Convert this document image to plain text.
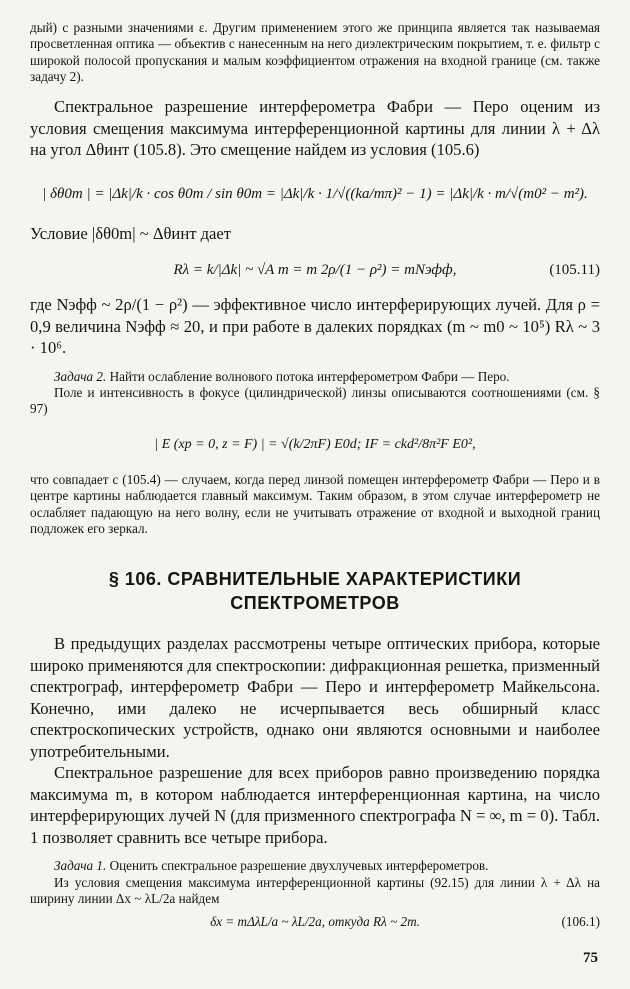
дый) с разными значениями ε. Другим применением этого же принципа является так называемая просветленная оптика — объектив с нанесенным на него диэлектрическим покрытием, т. е. фильтр с широкой полосой пропускания и малым коэффициентом отражения на входной границе (см. также задачу 2).

Спектральное разрешение интерферометра Фабри — Перо оценим из условия смещения максимума интерференционной картины для линии λ + Δλ на угол Δθинт (105.8). Это смещение найдем из условия (105.6)

| δθ0m | = |Δk|/k · cos θ0m / sin θ0m = |Δk|/k · 1/√((ka/mπ)² − 1) = |Δk|/k · m/√(m0² − m²).

Условие |δθ0m| ~ Δθинт дает

Rλ = k/|Δk| ~ √A m = m 2ρ/(1 − ρ²) = mNэфф,	(105.11)

где Nэфф ~ 2ρ/(1 − ρ²) — эффективное число интерферирующих лучей. Для ρ = 0,9 величина Nэфф ≈ 20, и при работе в далеких порядках (m ~ m0 ~ 10⁵) Rλ ~ 3 · 10⁶.

Задача 2. Найти ослабление волнового потока интерферометром Фабри — Перо.

Поле и интенсивность в фокусе (цилиндрической) линзы описываются соотношениями (см. § 97)

| E (xp = 0, z = F) | = √(k/2πF) E0d; IF = ckd²/8π²F E0²,

что совпадает с (105.4) — случаем, когда перед линзой помещен интерферометр Фабри — Перо и в центре картины наблюдается главный максимум. Таким образом, в этом случае интерферометр не ослабляет падающую на него волну, если не учитывать отражение от входной и выходной границ подложек его зеркал.

§ 106. СРАВНИТЕЛЬНЫЕ ХАРАКТЕРИСТИКИ
СПЕКТРОМЕТРОВ

В предыдущих разделах рассмотрены четыре оптических прибора, которые широко применяются для спектроскопии: дифракционная решетка, призменный спектрограф, интерферометр Фабри — Перо и интерферометр Майкельсона. Конечно, ими далеко не исчерпывается весь обширный класс спектроскопических устройств, однако они являются основными и наиболее употребительными.

Спектральное разрешение для всех приборов равно произведению порядка максимума m, в котором наблюдается интерференционная картина, на число интерферирующих лучей N (для призменного спектрографа N = ∞, m = 0). Табл. 1 позволяет сравнить все четыре прибора.

Задача 1. Оценить спектральное разрешение двухлучевых интерферометров.

Из условия смещения максимума интерференционной картины (92.15) для линии λ + Δλ на ширину линии Δx ~ λL/2a найдем

δx = mΔλL/a ~ λL/2a, откуда Rλ ~ 2m.	(106.1)
75
